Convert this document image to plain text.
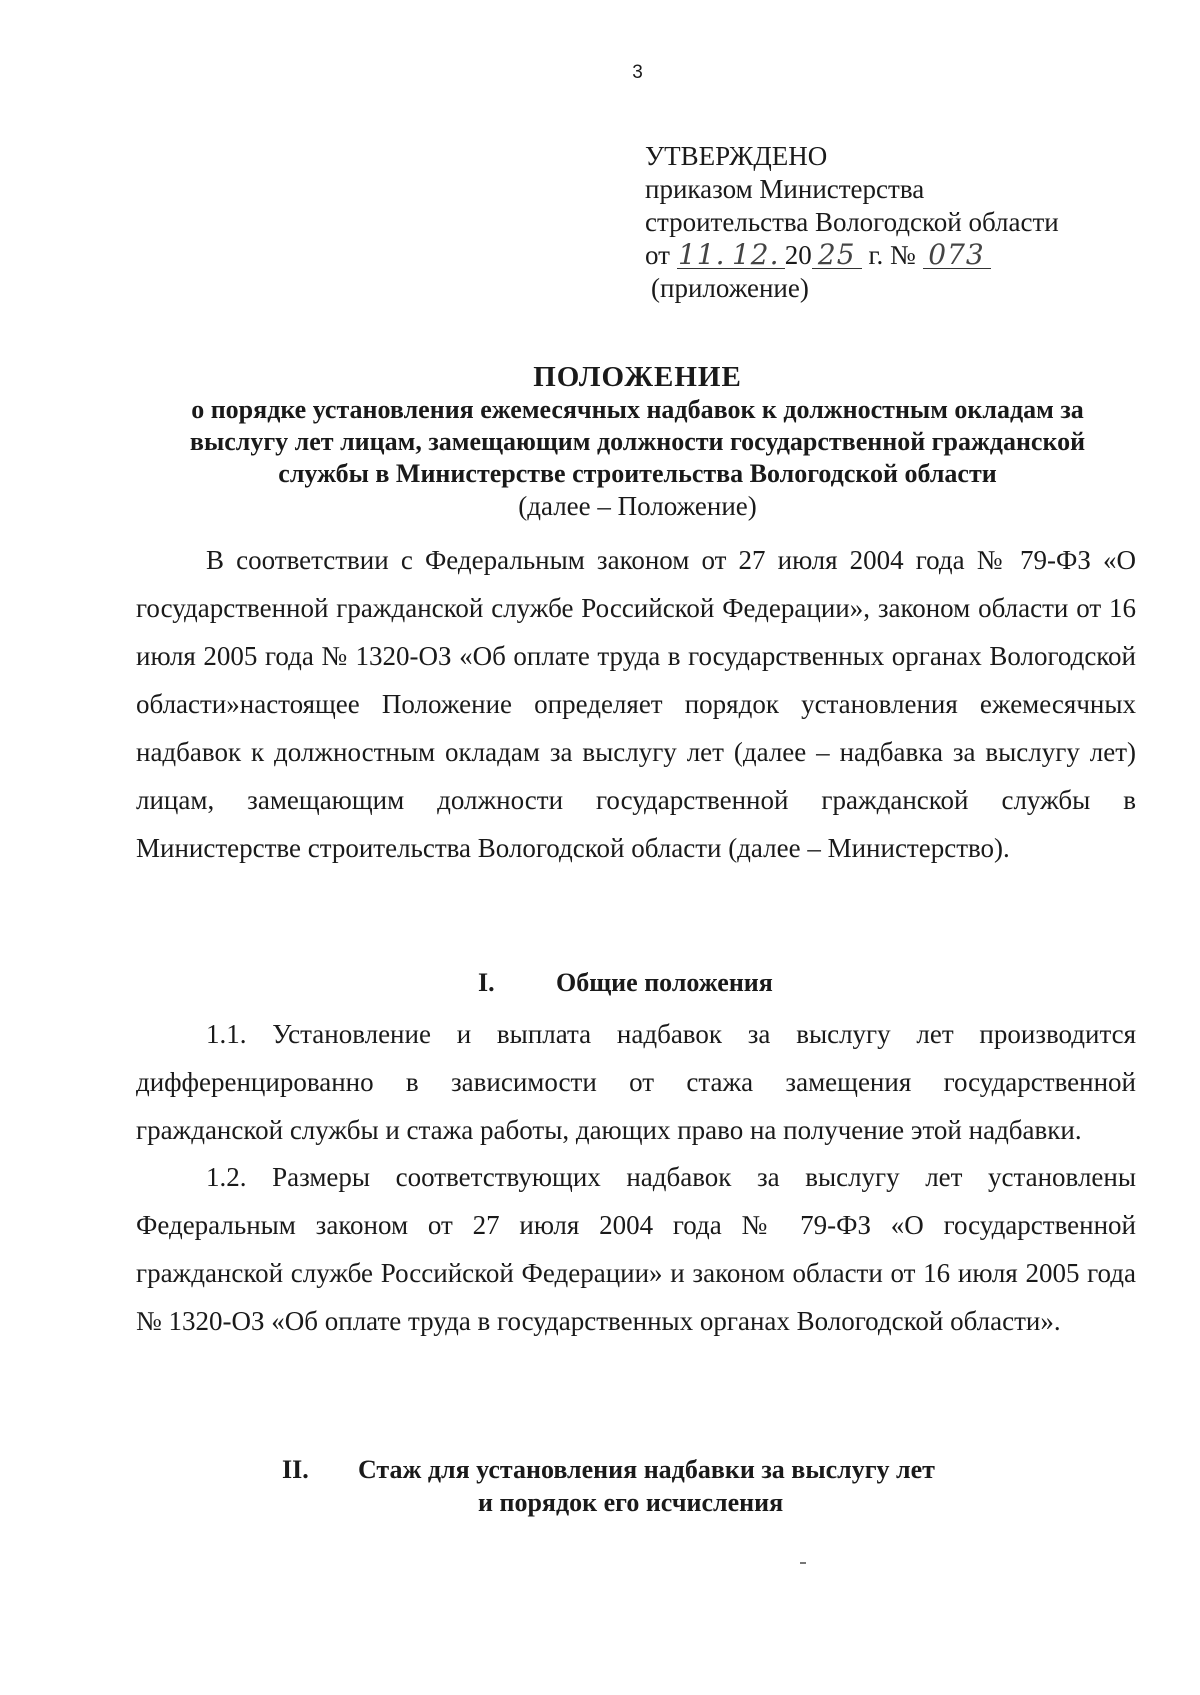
3
УТВЕРЖДЕНО
приказом Министерства
строительства Вологодской области
от 11. 12. 20 25 г. № 073
(приложение)
ПОЛОЖЕНИЕ
о порядке установления ежемесячных надбавок к должностным окладам за
выслугу лет лицам, замещающим должности государственной гражданской
службы в Министерстве строительства Вологодской области
(далее – Положение)
В соответствии с Федеральным законом от 27 июля 2004 года № 79-ФЗ «О государственной гражданской службе Российской Федерации», законом области от 16 июля 2005 года № 1320-ОЗ «Об оплате труда в государственных органах Вологодской области»настоящее Положение определяет порядок установления ежемесячных надбавок к должностным окладам за выслугу лет (далее – надбавка за выслугу лет) лицам, замещающим должности государственной гражданской службы в Министерстве строительства Вологодской области (далее – Министерство).
I. Общие положения
1.1. Установление и выплата надбавок за выслугу лет производится дифференцированно в зависимости от стажа замещения государственной гражданской службы и стажа работы, дающих право на получение этой надбавки.
1.2. Размеры соответствующих надбавок за выслугу лет установлены Федеральным законом от 27 июля 2004 года № 79-ФЗ «О государственной гражданской службе Российской Федерации» и законом области от 16 июля 2005 года № 1320-ОЗ «Об оплате труда в государственных органах Вологодской области».
II. Стаж для установления надбавки за выслугу лет
и порядок его исчисления
